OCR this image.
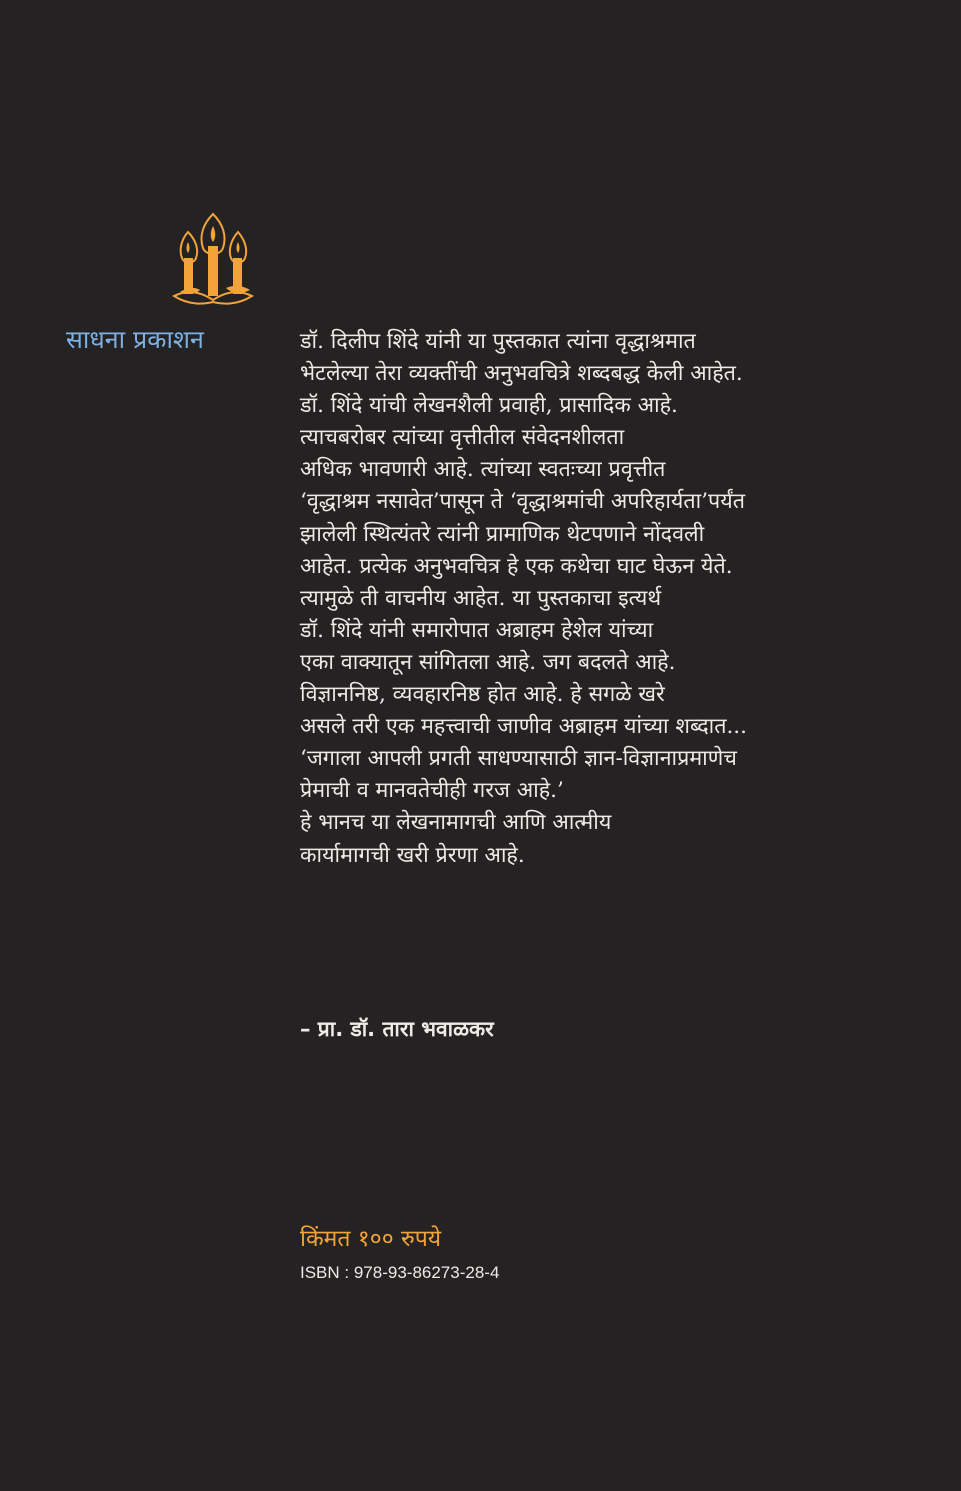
साधना प्रकाशन	डॉ. दिलीप शिंदे यांनी या पुस्तकात त्यांना वृद्धाश्रमात
भेटलेल्या तेरा व्यक्तींची अनुभवचित्रे शब्दबद्ध केली आहेत.
डॉ. शिंदे यांची लेखनशैली प्रवाही, प्रासादिक आहे.
त्याचबरोबर त्यांच्या वृत्तीतील संवेदनशीलता
अधिक भावणारी आहे. त्यांच्या स्वतःच्या प्रवृत्तीत
‘वृद्धाश्रम नसावेत’पासून ते ‘वृद्धाश्रमांची अपरिहार्यता’पर्यंत
झालेली स्थित्यंतरे त्यांनी प्रामाणिक थेटपणाने नोंदवली
आहेत. प्रत्येक अनुभवचित्र हे एक कथेचा घाट घेऊन येते.
त्यामुळे ती वाचनीय आहेत. या पुस्तकाचा इत्यर्थ
डॉ. शिंदे यांनी समारोपात अब्राहम हेशेल यांच्या
एका वाक्यातून सांगितला आहे. जग बदलते आहे.
विज्ञाननिष्ठ, व्यवहारनिष्ठ होत आहे. हे सगळे खरे
असले तरी एक महत्त्वाची जाणीव अब्राहम यांच्या शब्दात...
‘जगाला आपली प्रगती साधण्यासाठी ज्ञान-विज्ञानाप्रमाणेच
प्रेमाची व मानवतेचीही गरज आहे.’
हे भानच या लेखनामागची आणि आत्मीय
कार्यामागची खरी प्रेरणा आहे.
– प्रा. डॉ. तारा भवाळकर
किंमत १०० रुपये
ISBN : 978-93-86273-28-4
